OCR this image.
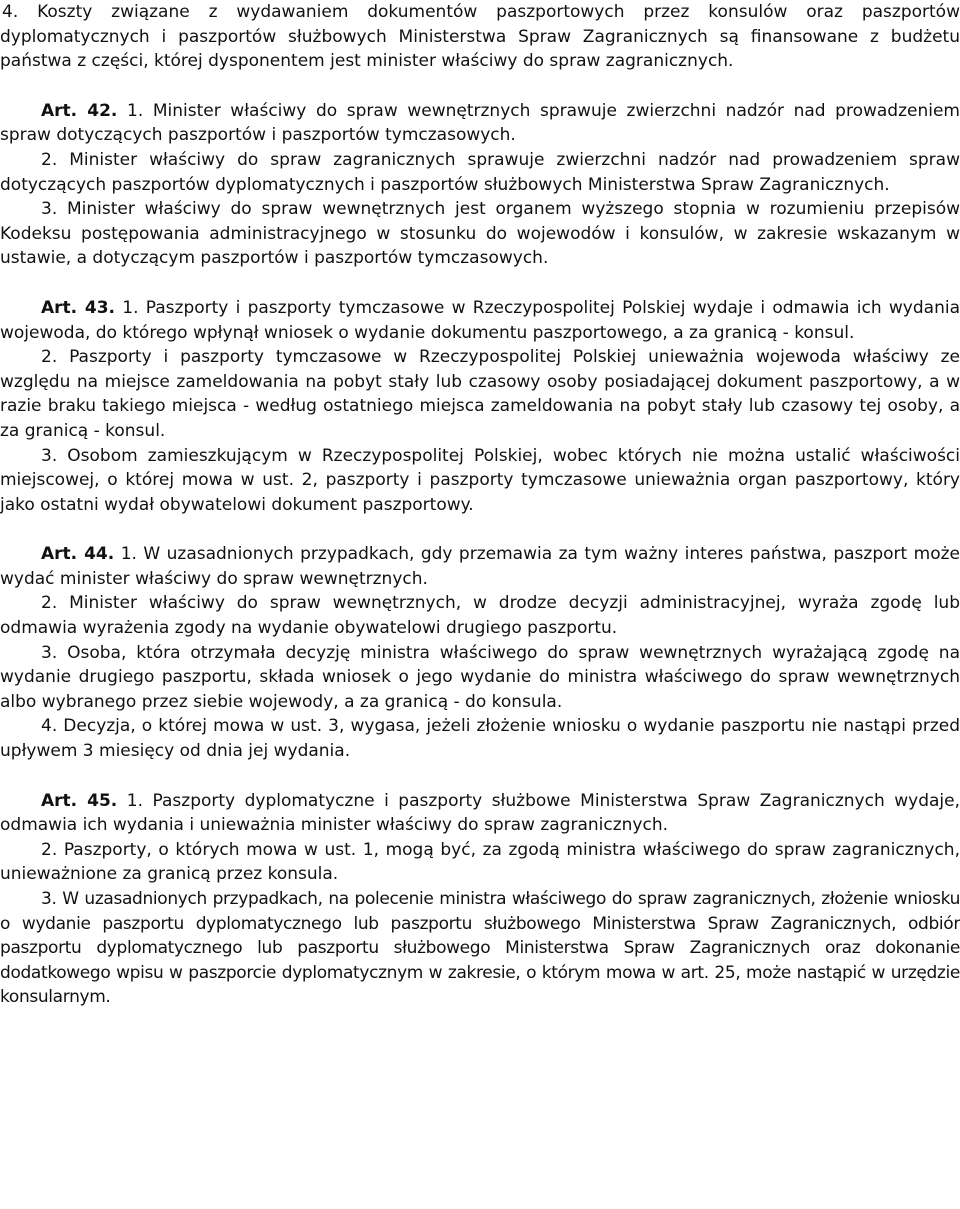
4. Koszty związane z wydawaniem dokumentów paszportowych przez konsulów oraz paszportów dyplomatycznych i paszportów służbowych Ministerstwa Spraw Zagranicznych są finansowane z budżetu państwa z części, której dysponentem jest minister właściwy do spraw zagranicznych.

Art. 42. 1. Minister właściwy do spraw wewnętrznych sprawuje zwierzchni nadzór nad prowadzeniem spraw dotyczących paszportów i paszportów tymczasowych.

2. Minister właściwy do spraw zagranicznych sprawuje zwierzchni nadzór nad prowadzeniem spraw dotyczących paszportów dyplomatycznych i paszportów służbowych Ministerstwa Spraw Zagranicznych.

3. Minister właściwy do spraw wewnętrznych jest organem wyższego stopnia w rozumieniu przepisów Kodeksu postępowania administracyjnego w stosunku do wojewodów i konsulów, w zakresie wskazanym w ustawie, a dotyczącym paszportów i paszportów tymczasowych.

Art. 43. 1. Paszporty i paszporty tymczasowe w Rzeczypospolitej Polskiej wydaje i odmawia ich wydania wojewoda, do którego wpłynął wniosek o wydanie dokumentu paszportowego, a za granicą - konsul.

2. Paszporty i paszporty tymczasowe w Rzeczypospolitej Polskiej unieważnia wojewoda właściwy ze względu na miejsce zameldowania na pobyt stały lub czasowy osoby posiadającej dokument paszportowy, a w razie braku takiego miejsca - według ostatniego miejsca zameldowania na pobyt stały lub czasowy tej osoby, a za granicą - konsul.

3. Osobom zamieszkującym w Rzeczypospolitej Polskiej, wobec których nie można ustalić właściwości miejscowej, o której mowa w ust. 2, paszporty i paszporty tymczasowe unieważnia organ paszportowy, który jako ostatni wydał obywatelowi dokument paszportowy.

Art. 44. 1. W uzasadnionych przypadkach, gdy przemawia za tym ważny interes państwa, paszport może wydać minister właściwy do spraw wewnętrznych.

2. Minister właściwy do spraw wewnętrznych, w drodze decyzji administracyjnej, wyraża zgodę lub odmawia wyrażenia zgody na wydanie obywatelowi drugiego paszportu.

3. Osoba, która otrzymała decyzję ministra właściwego do spraw wewnętrznych wyrażającą zgodę na wydanie drugiego paszportu, składa wniosek o jego wydanie do ministra właściwego do spraw wewnętrznych albo wybranego przez siebie wojewody, a za granicą - do konsula.

4. Decyzja, o której mowa w ust. 3, wygasa, jeżeli złożenie wniosku o wydanie paszportu nie nastąpi przed upływem 3 miesięcy od dnia jej wydania.

Art. 45. 1. Paszporty dyplomatyczne i paszporty służbowe Ministerstwa Spraw Zagranicznych wydaje, odmawia ich wydania i unieważnia minister właściwy do spraw zagranicznych.

2. Paszporty, o których mowa w ust. 1, mogą być, za zgodą ministra właściwego do spraw zagranicznych, unieważnione za granicą przez konsula.

3. W uzasadnionych przypadkach, na polecenie ministra właściwego do spraw zagranicznych, złożenie wniosku o wydanie paszportu dyplomatycznego lub paszportu służbowego Ministerstwa Spraw Zagranicznych, odbiór paszportu dyplomatycznego lub paszportu służbowego Ministerstwa Spraw Zagranicznych oraz dokonanie dodatkowego wpisu w paszporcie dyplomatycznym w zakresie, o którym mowa w art. 25, może nastąpić w urzędzie konsularnym.
